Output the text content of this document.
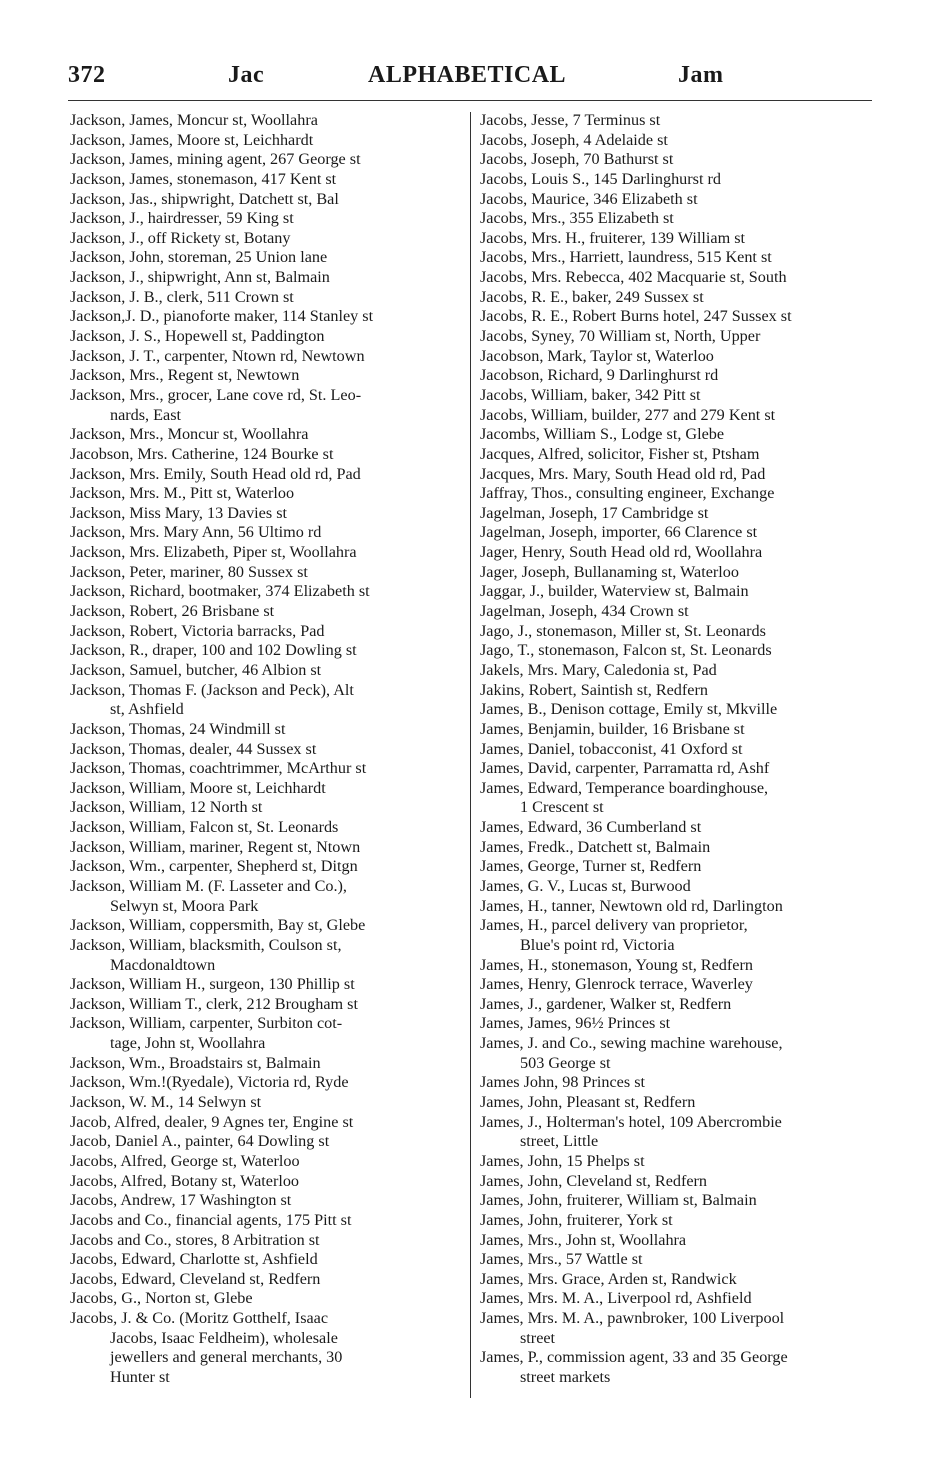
372	Jac	ALPHABETICAL	Jam
Jackson, James, Moncur st, Woollahra
Jackson, James, Moore st, Leichhardt
Jackson, James, mining agent, 267 George st
Jackson, James, stonemason, 417 Kent st
Jackson, Jas., shipwright, Datchett st, Bal
Jackson, J., hairdresser, 59 King st
Jackson, J., off Rickety st, Botany
Jackson, John, storeman, 25 Union lane
Jackson, J., shipwright, Ann st, Balmain
Jackson, J. B., clerk, 511 Crown st
Jackson,J. D., pianoforte maker, 114 Stanley st
Jackson, J. S., Hopewell st, Paddington
Jackson, J. T., carpenter, Ntown rd, Newtown
Jackson, Mrs., Regent st, Newtown
Jackson, Mrs., grocer, Lane cove rd, St. Leo-
nards, East
Jackson, Mrs., Moncur st, Woollahra
Jacobson, Mrs. Catherine, 124 Bourke st
Jackson, Mrs. Emily, South Head old rd, Pad
Jackson, Mrs. M., Pitt st, Waterloo
Jackson, Miss Mary, 13 Davies st
Jackson, Mrs. Mary Ann, 56 Ultimo rd
Jackson, Mrs. Elizabeth, Piper st, Woollahra
Jackson, Peter, mariner, 80 Sussex st
Jackson, Richard, bootmaker, 374 Elizabeth st
Jackson, Robert, 26 Brisbane st
Jackson, Robert, Victoria barracks, Pad
Jackson, R., draper, 100 and 102 Dowling st
Jackson, Samuel, butcher, 46 Albion st
Jackson, Thomas F. (Jackson and Peck), Alt
st, Ashfield
Jackson, Thomas, 24 Windmill st
Jackson, Thomas, dealer, 44 Sussex st
Jackson, Thomas, coachtrimmer, McArthur st
Jackson, William, Moore st, Leichhardt
Jackson, William, 12 North st
Jackson, William, Falcon st, St. Leonards
Jackson, William, mariner, Regent st, Ntown
Jackson, Wm., carpenter, Shepherd st, Ditgn
Jackson, William M. (F. Lasseter and Co.),
Selwyn st, Moora Park
Jackson, William, coppersmith, Bay st, Glebe
Jackson, William, blacksmith, Coulson st,
Macdonaldtown
Jackson, William H., surgeon, 130 Phillip st
Jackson, William T., clerk, 212 Brougham st
Jackson, William, carpenter, Surbiton cot-
tage, John st, Woollahra
Jackson, Wm., Broadstairs st, Balmain
Jackson, Wm.!(Ryedale), Victoria rd, Ryde
Jackson, W. M., 14 Selwyn st
Jacob, Alfred, dealer, 9 Agnes ter, Engine st
Jacob, Daniel A., painter, 64 Dowling st
Jacobs, Alfred, George st, Waterloo
Jacobs, Alfred, Botany st, Waterloo
Jacobs, Andrew, 17 Washington st
Jacobs and Co., financial agents, 175 Pitt st
Jacobs and Co., stores, 8 Arbitration st
Jacobs, Edward, Charlotte st, Ashfield
Jacobs, Edward, Cleveland st, Redfern
Jacobs, G., Norton st, Glebe
Jacobs, J. & Co. (Moritz Gotthelf, Isaac
Jacobs, Isaac Feldheim), wholesale
jewellers and general merchants, 30
Hunter st
Jacobs, Jesse, 7 Terminus st
Jacobs, Joseph, 4 Adelaide st
Jacobs, Joseph, 70 Bathurst st
Jacobs, Louis S., 145 Darlinghurst rd
Jacobs, Maurice, 346 Elizabeth st
Jacobs, Mrs., 355 Elizabeth st
Jacobs, Mrs. H., fruiterer, 139 William st
Jacobs, Mrs., Harriett, laundress, 515 Kent st
Jacobs, Mrs. Rebecca, 402 Macquarie st, South
Jacobs, R. E., baker, 249 Sussex st
Jacobs, R. E., Robert Burns hotel, 247 Sussex st
Jacobs, Syney, 70 William st, North, Upper
Jacobson, Mark, Taylor st, Waterloo
Jacobson, Richard, 9 Darlinghurst rd
Jacobs, William, baker, 342 Pitt st
Jacobs, William, builder, 277 and 279 Kent st
Jacombs, William S., Lodge st, Glebe
Jacques, Alfred, solicitor, Fisher st, Ptsham
Jacques, Mrs. Mary, South Head old rd, Pad
Jaffray, Thos., consulting engineer, Exchange
Jagelman, Joseph, 17 Cambridge st
Jagelman, Joseph, importer, 66 Clarence st
Jager, Henry, South Head old rd, Woollahra
Jager, Joseph, Bullanaming st, Waterloo
Jaggar, J., builder, Waterview st, Balmain
Jagelman, Joseph, 434 Crown st
Jago, J., stonemason, Miller st, St. Leonards
Jago, T., stonemason, Falcon st, St. Leonards
Jakels, Mrs. Mary, Caledonia st, Pad
Jakins, Robert, Saintish st, Redfern
James, B., Denison cottage, Emily st, Mkville
James, Benjamin, builder, 16 Brisbane st
James, Daniel, tobacconist, 41 Oxford st
James, David, carpenter, Parramatta rd, Ashf
James, Edward, Temperance boardinghouse,
1 Crescent st
James, Edward, 36 Cumberland st
James, Fredk., Datchett st, Balmain
James, George, Turner st, Redfern
James, G. V., Lucas st, Burwood
James, H., tanner, Newtown old rd, Darlington
James, H., parcel delivery van proprietor,
Blue's point rd, Victoria
James, H., stonemason, Young st, Redfern
James, Henry, Glenrock terrace, Waverley
James, J., gardener, Walker st, Redfern
James, James, 96½ Princes st
James, J. and Co., sewing machine warehouse,
503 George st
James John, 98 Princes st
James, John, Pleasant st, Redfern
James, J., Holterman's hotel, 109 Abercrombie
street, Little
James, John, 15 Phelps st
James, John, Cleveland st, Redfern
James, John, fruiterer, William st, Balmain
James, John, fruiterer, York st
James, Mrs., John st, Woollahra
James, Mrs., 57 Wattle st
James, Mrs. Grace, Arden st, Randwick
James, Mrs. M. A., Liverpool rd, Ashfield
James, Mrs. M. A., pawnbroker, 100 Liverpool
street
James, P., commission agent, 33 and 35 George
street markets
